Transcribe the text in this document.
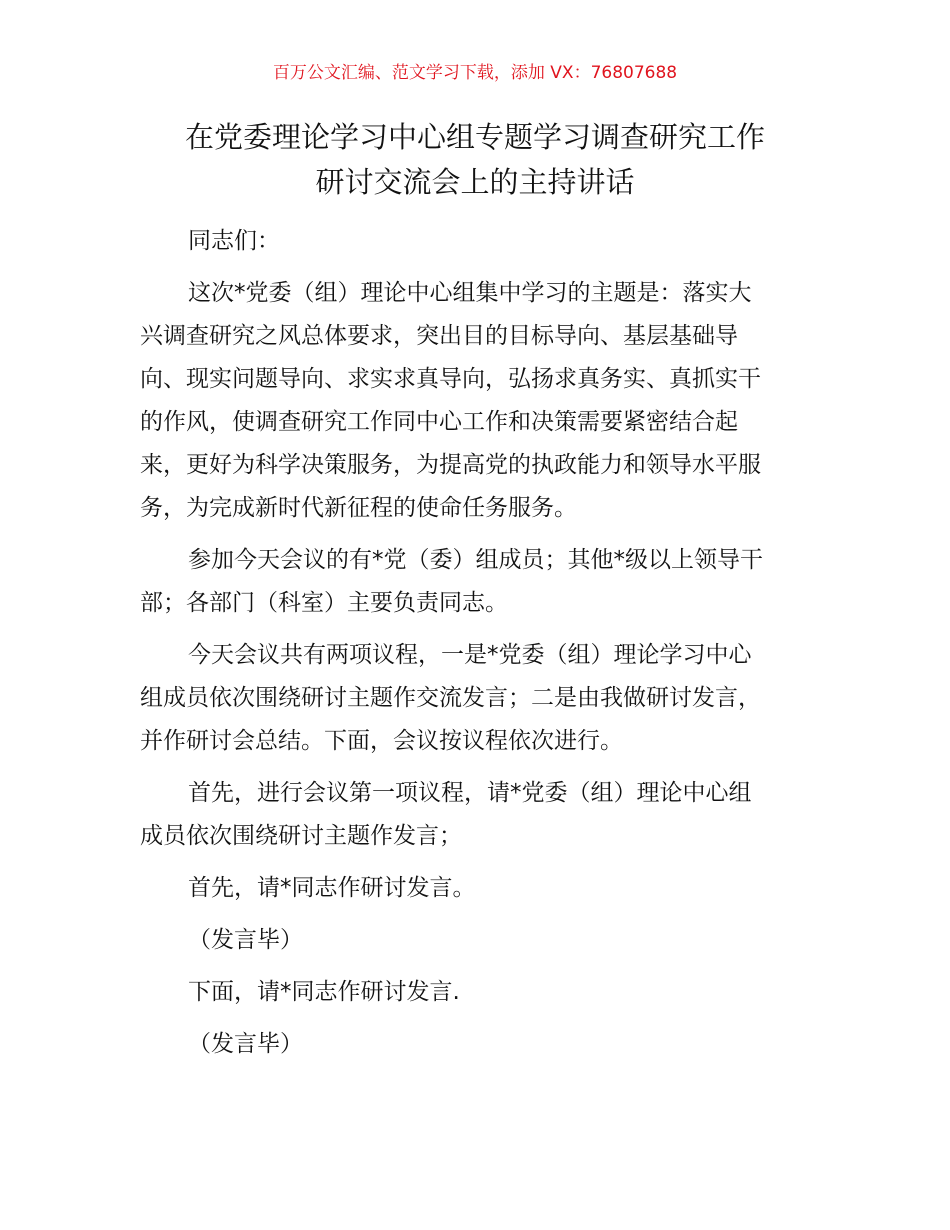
百万公文汇编、范文学习下载，添加 VX：76807688
在党委理论学习中心组专题学习调查研究工作
研讨交流会上的主持讲话
同志们：
这次*党委（组）理论中心组集中学习的主题是：落实大
兴调查研究之风总体要求，突出目的目标导向、基层基础导
向、现实问题导向、求实求真导向，弘扬求真务实、真抓实干
的作风，使调查研究工作同中心工作和决策需要紧密结合起
来，更好为科学决策服务，为提高党的执政能力和领导水平服
务，为完成新时代新征程的使命任务服务。
参加今天会议的有*党（委）组成员；其他*级以上领导干
部；各部门（科室）主要负责同志。
今天会议共有两项议程，一是*党委（组）理论学习中心
组成员依次围绕研讨主题作交流发言；二是由我做研讨发言，
并作研讨会总结。下面，会议按议程依次进行。
首先，进行会议第一项议程，请*党委（组）理论中心组
成员依次围绕研讨主题作发言；
首先，请*同志作研讨发言。
（发言毕）
下面，请*同志作研讨发言.
（发言毕）
